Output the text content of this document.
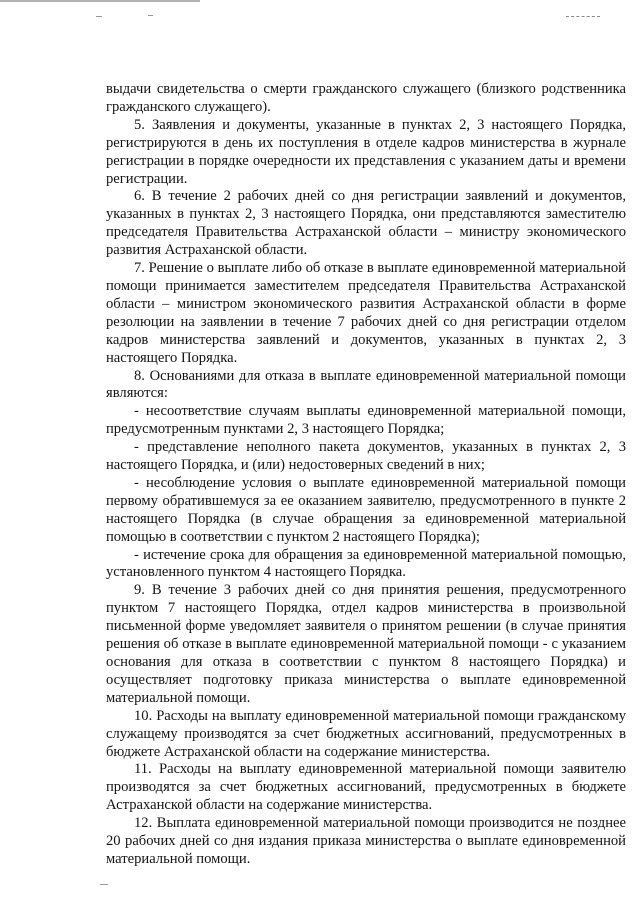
выдачи свидетельства о смерти гражданского служащего (близкого родственника гражданского служащего).

5. Заявления и документы, указанные в пунктах 2, 3 настоящего Порядка, регистрируются в день их поступления в отделе кадров министерства в журнале регистрации в порядке очередности их представления с указанием даты и времени регистрации.

6. В течение 2 рабочих дней со дня регистрации заявлений и документов, указанных в пунктах 2, 3 настоящего Порядка, они представляются заместителю председателя Правительства Астраханской области – министру экономического развития Астраханской области.

7. Решение о выплате либо об отказе в выплате единовременной материальной помощи принимается заместителем председателя Правительства Астраханской области – министром экономического развития Астраханской области в форме резолюции на заявлении в течение 7 рабочих дней со дня регистрации отделом кадров министерства заявлений и документов, указанных в пунктах 2, 3 настоящего Порядка.

8. Основаниями для отказа в выплате единовременной материальной помощи являются:

- несоответствие случаям выплаты единовременной материальной помощи, предусмотренным пунктами 2, 3 настоящего Порядка;

- представление неполного пакета документов, указанных в пунктах 2, 3 настоящего Порядка, и (или) недостоверных сведений в них;

- несоблюдение условия о выплате единовременной материальной помощи первому обратившемуся за ее оказанием заявителю, предусмотренного в пункте 2 настоящего Порядка (в случае обращения за единовременной материальной помощью в соответствии с пунктом 2 настоящего Порядка);

- истечение срока для обращения за единовременной материальной помощью, установленного пунктом 4 настоящего Порядка.

9. В течение 3 рабочих дней со дня принятия решения, предусмотренного пунктом 7 настоящего Порядка, отдел кадров министерства в произвольной письменной форме уведомляет заявителя о принятом решении (в случае принятия решения об отказе в выплате единовременной материальной помощи - с указанием основания для отказа в соответствии с пунктом 8 настоящего Порядка) и осуществляет подготовку приказа министерства о выплате единовременной материальной помощи.

10. Расходы на выплату единовременной материальной помощи гражданскому служащему производятся за счет бюджетных ассигнований, предусмотренных в бюджете Астраханской области на содержание министерства.

11. Расходы на выплату единовременной материальной помощи заявителю производятся за счет бюджетных ассигнований, предусмотренных в бюджете Астраханской области на содержание министерства.

12. Выплата единовременной материальной помощи производится не позднее 20 рабочих дней со дня издания приказа министерства о выплате единовременной материальной помощи.
